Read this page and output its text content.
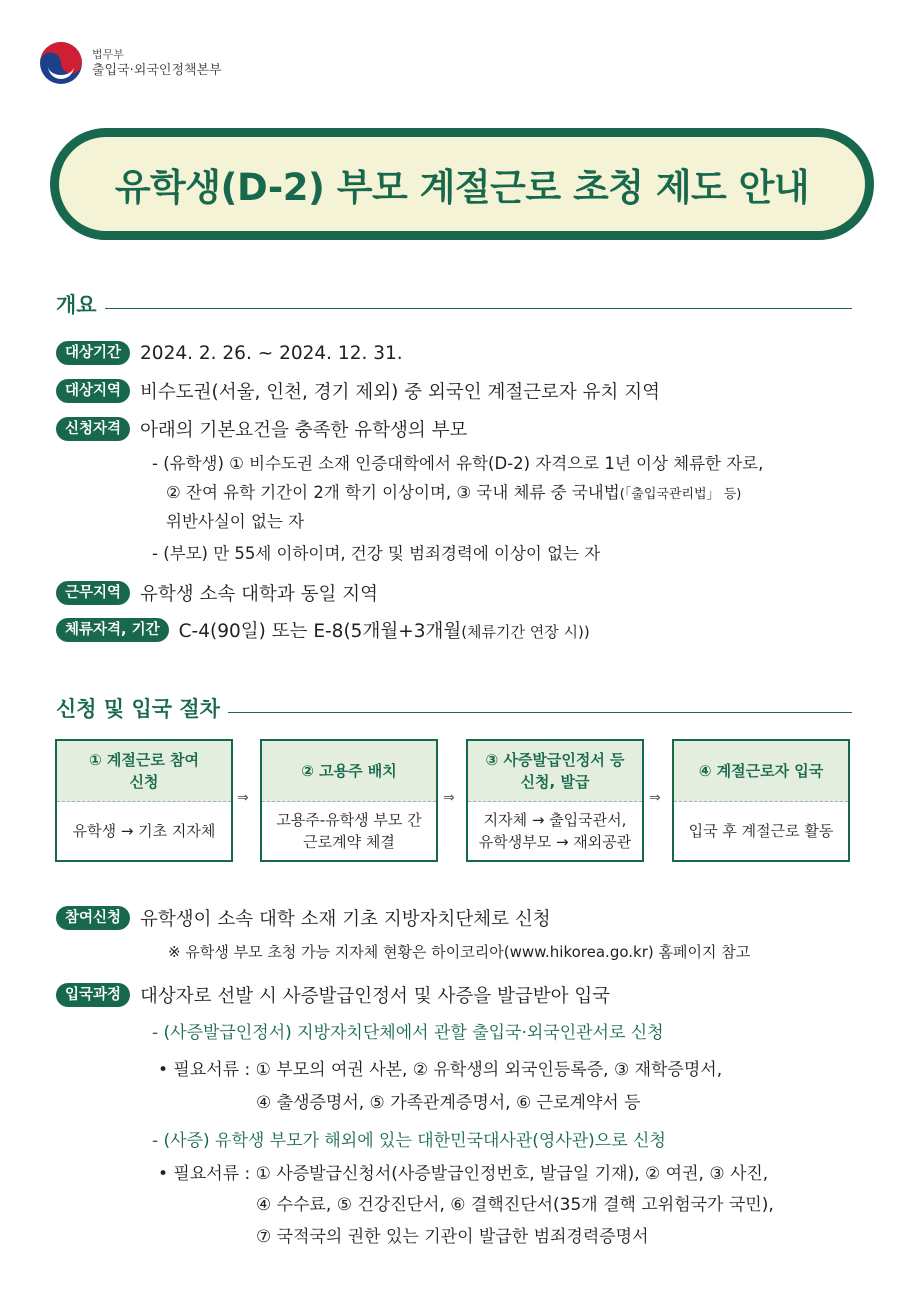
법무부
출입국·외국인정책본부
유학생(D-2) 부모 계절근로 초청 제도 안내
개요
대상기간	2024. 2. 26. ~ 2024. 12. 31.
대상지역	비수도권(서울, 인천, 경기 제외) 중 외국인 계절근로자 유치 지역
신청자격	아래의 기본요건을 충족한 유학생의 부모
- (유학생) ① 비수도권 소재 인증대학에서 유학(D-2) 자격으로 1년 이상 체류한 자로,
② 잔여 유학 기간이 2개 학기 이상이며, ③ 국내 체류 중 국내법(「출입국관리법」 등)
위반사실이 없는 자
- (부모) 만 55세 이하이며, 건강 및 범죄경력에 이상이 없는 자
근무지역	유학생 소속 대학과 동일 지역
체류자격, 기간	C-4(90일) 또는 E-8(5개월+3개월(체류기간 연장 시))
신청 및 입국 절차
① 계절근로 참여
신청
유학생 → 기초 지자체
⇒
② 고용주 배치
고용주-유학생 부모 간
근로계약 체결
⇒
③ 사증발급인정서 등
신청, 발급
지자체 → 출입국관서,
유학생부모 → 재외공관
⇒
④ 계절근로자 입국
입국 후 계절근로 활동
참여신청	유학생이 소속 대학 소재 기초 지방자치단체로 신청
※ 유학생 부모 초청 가능 지자체 현황은 하이코리아(www.hikorea.go.kr) 홈페이지 참고
입국과정	대상자로 선발 시 사증발급인정서 및 사증을 발급받아 입국
- (사증발급인정서) 지방자치단체에서 관할 출입국·외국인관서로 신청
• 필요서류 : ① 부모의 여권 사본, ② 유학생의 외국인등록증, ③ 재학증명서,
④ 출생증명서, ⑤ 가족관계증명서, ⑥ 근로계약서 등
- (사증) 유학생 부모가 해외에 있는 대한민국대사관(영사관)으로 신청
• 필요서류 : ① 사증발급신청서(사증발급인정번호, 발급일 기재), ② 여권, ③ 사진,
④ 수수료, ⑤ 건강진단서, ⑥ 결핵진단서(35개 결핵 고위험국가 국민),
⑦ 국적국의 권한 있는 기관이 발급한 범죄경력증명서
